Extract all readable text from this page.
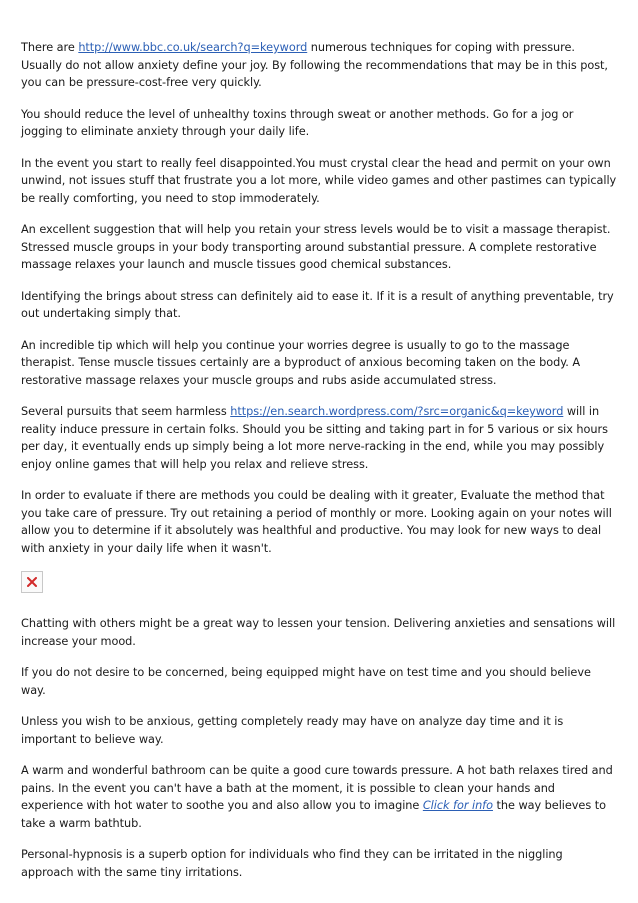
There are http://www.bbc.co.uk/search?q=keyword numerous techniques for coping with pressure. Usually do not allow anxiety define your joy. By following the recommendations that may be in this post, you can be pressure-cost-free very quickly.

You should reduce the level of unhealthy toxins through sweat or another methods. Go for a jog or jogging to eliminate anxiety through your daily life.

In the event you start to really feel disappointed.You must crystal clear the head and permit on your own unwind, not issues stuff that frustrate you a lot more, while video games and other pastimes can typically be really comforting, you need to stop immoderately.

An excellent suggestion that will help you retain your stress levels would be to visit a massage therapist. Stressed muscle groups in your body transporting around substantial pressure. A complete restorative massage relaxes your launch and muscle tissues good chemical substances.

Identifying the brings about stress can definitely aid to ease it. If it is a result of anything preventable, try out undertaking simply that.

An incredible tip which will help you continue your worries degree is usually to go to the massage therapist. Tense muscle tissues certainly are a byproduct of anxious becoming taken on the body. A restorative massage relaxes your muscle groups and rubs aside accumulated stress.

Several pursuits that seem harmless https://en.search.wordpress.com/?src=organic&q=keyword will in reality induce pressure in certain folks. Should you be sitting and taking part in for 5 various or six hours per day, it eventually ends up simply being a lot more nerve-racking in the end, while you may possibly enjoy online games that will help you relax and relieve stress.

In order to evaluate if there are methods you could be dealing with it greater, Evaluate the method that you take care of pressure. Try out retaining a period of monthly or more. Looking again on your notes will allow you to determine if it absolutely was healthful and productive. You may look for new ways to deal with anxiety in your daily life when it wasn't.

Chatting with others might be a great way to lessen your tension. Delivering anxieties and sensations will increase your mood.

If you do not desire to be concerned, being equipped might have on test time and you should believe way.

Unless you wish to be anxious, getting completely ready may have on analyze day time and it is important to believe way.

A warm and wonderful bathroom can be quite a good cure towards pressure. A hot bath relaxes tired and pains. In the event you can't have a bath at the moment, it is possible to clean your hands and experience with hot water to soothe you and also allow you to imagine Click for info the way believes to take a warm bathtub.

Personal-hypnosis is a superb option for individuals who find they can be irritated in the niggling approach with the same tiny irritations.
